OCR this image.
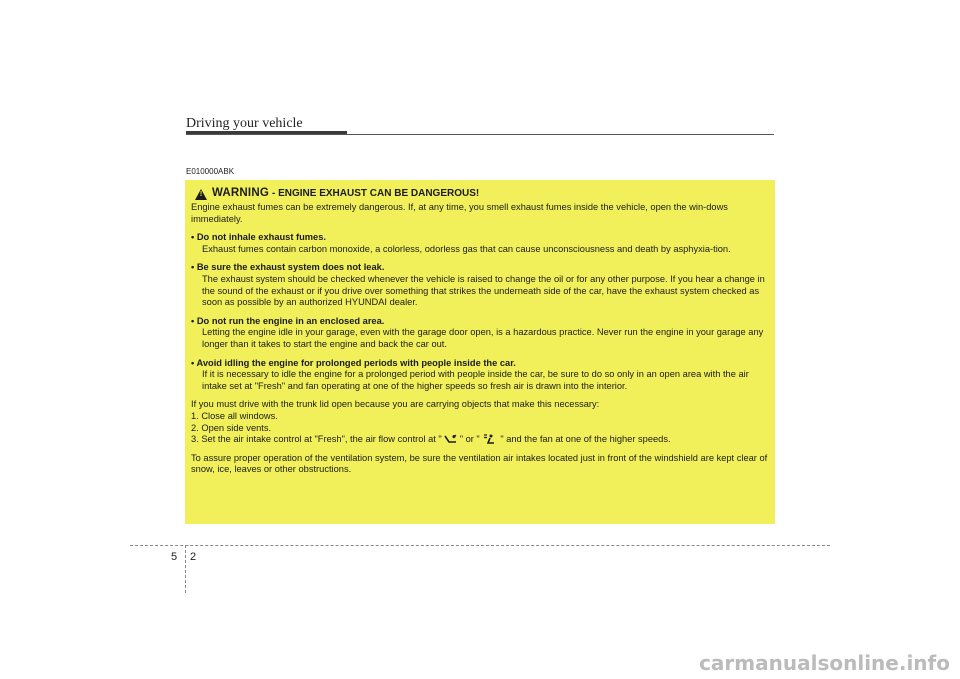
Driving your vehicle
E010000ABK
! WARNING - ENGINE EXHAUST CAN BE DANGEROUS!

Engine exhaust fumes can be extremely dangerous. If, at any time, you smell exhaust fumes inside the vehicle, open the win-dows immediately.

• Do not inhale exhaust fumes.

Exhaust fumes contain carbon monoxide, a colorless, odorless gas that can cause unconsciousness and death by asphyxia-tion.

• Be sure the exhaust system does not leak.

The exhaust system should be checked whenever the vehicle is raised to change the oil or for any other purpose. If you hear a change in the sound of the exhaust or if you drive over something that strikes the underneath side of the car, have the exhaust system checked as soon as possible by an authorized HYUNDAI dealer.

• Do not run the engine in an enclosed area.

Letting the engine idle in your garage, even with the garage door open, is a hazardous practice. Never run the engine in your garage any longer than it takes to start the engine and back the car out.

• Avoid idling the engine for prolonged periods with people inside the car.

If it is necessary to idle the engine for a prolonged period with people inside the car, be sure to do so only in an open area with the air intake set at "Fresh" and fan operating at one of the higher speeds so fresh air is drawn into the interior.

If you must drive with the trunk lid open because you are carrying objects that make this necessary:

1. Close all windows.

2. Open side vents.

3. Set the air intake control at "Fresh", the air flow control at " " or " " and the fan at one of the higher speeds.

To assure proper operation of the ventilation system, be sure the ventilation air intakes located just in front of the windshield are kept clear of snow, ice, leaves or other obstructions.

5 2
carmanualsonline.info
